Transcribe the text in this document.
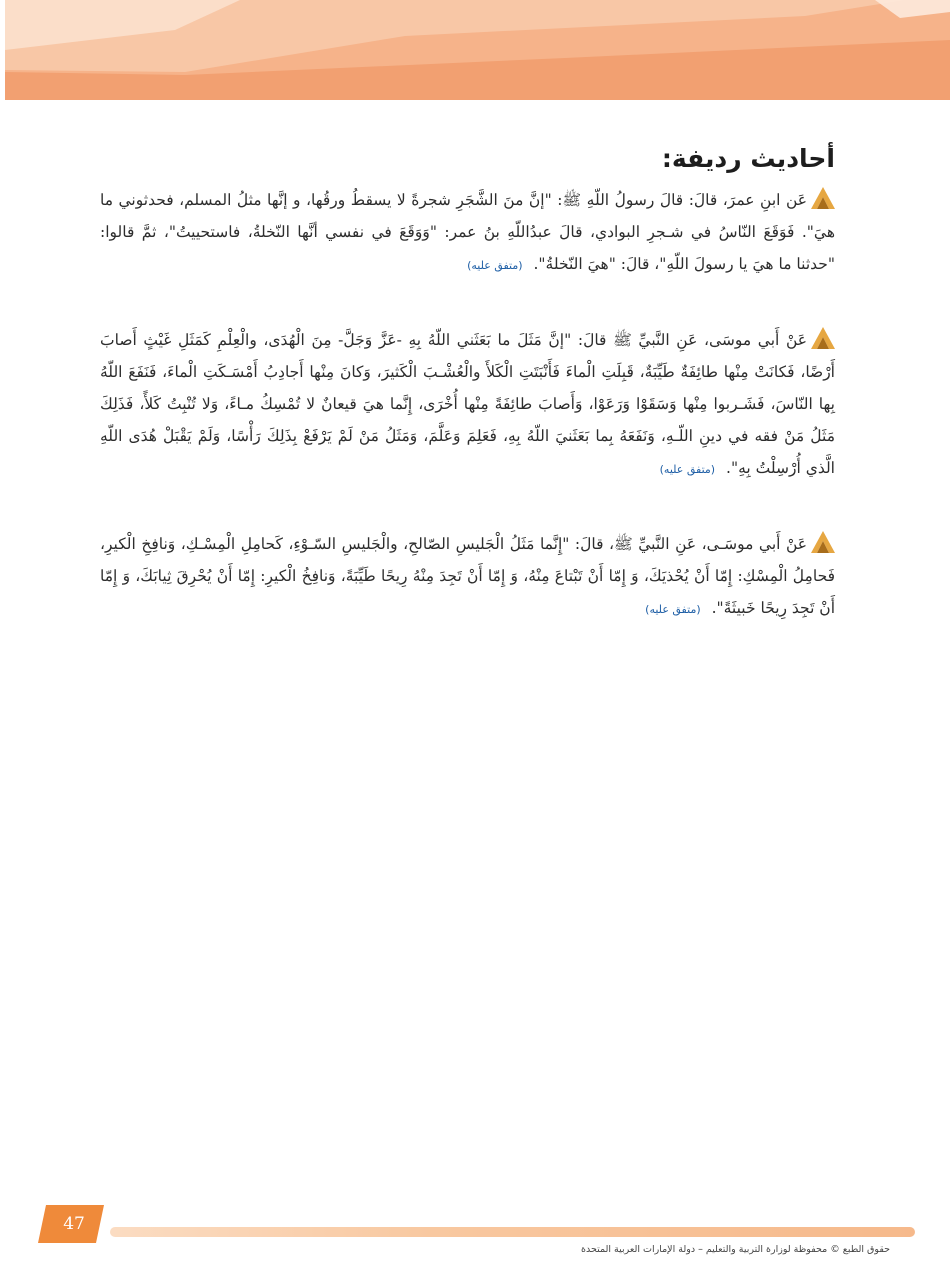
أحاديث رديفة:

عَن ابنِ عمرَ، قالَ: قالَ رسولُ اللّهِ ﷺ: "إنَّ منَ الشَّجَرِ شجرةً لا يسقطُ ورقُها، و إنَّها مثلُ المسلم، فحدثوني ما هيَ". فَوَقَعَ النّاسُ في شـجرِ البوادي، قالَ عبدُاللّهِ بنُ عمر: "وَوَقَعَ في نفسي أنَّها النّخلةُ، فاستحييتُ"، ثمَّ قالوا: "حدثنا ما هيَ يا رسولَ اللّهِ"، قالَ: "هيَ النّخلةُ". (متفق عليه)

عَنْ أَبي موسَى، عَنِ النَّبيِّ ﷺ قالَ: "إنَّ مَثَلَ ما بَعَثَني اللّهُ بِهِ -عَزَّ وَجَلَّ- مِنَ الْهُدَى، والْعِلْمِ كَمَثَلِ غَيْثٍ أَصابَ أَرْضًا، فَكانَتْ مِنْها طائِفَةٌ طَيِّبَةٌ، قَبِلَتِ الْماءَ فَأَنْبَتَتِ الْكَلأَ والْعُشْـبَ الْكَثيرَ، وَكانَ مِنْها أَجادِبُ أَمْسَـكَتِ الْماءَ، فَنَفَعَ اللّهُ بِها النّاسَ، فَشَـربوا مِنْها وَسَقَوْا وَرَعَوْا، وَأَصابَ طائِفَةً مِنْها أُخْرَى، إِنَّما هيَ قيعانٌ لا تُمْسِكُ مـاءً، وَلا تُنْبِتُ كَلأً، فَذَلِكَ مَثَلُ مَنْ فقه في دينِ اللّـهِ، وَنَفَعَهُ بِما بَعَثَنيَ اللّهُ بِهِ، فَعَلِمَ وَعَلَّمَ، وَمَثَلُ مَنْ لَمْ يَرْفَعْ بِذَلِكَ رَأْسًا، وَلَمْ يَقْبَلْ هُدَى اللّهِ الَّذي أُرْسِلْتُ بِهِ". (متفق عليه)

عَنْ أَبي موسَـى، عَنِ النَّبيِّ ﷺ، قالَ: "إِنَّما مَثَلُ الْجَليسِ الصّالحِ، والْجَليسِ السّـوْءِ، كَحامِلِ الْمِسْـكِ، وَنافِخِ الْكيرِ، فَحامِلُ الْمِسْكِ: إِمّا أَنْ يُحْذيَكَ، وَ إِمّا أَنْ تَبْتاعَ مِنْهُ، وَ إِمّا أَنْ تَجِدَ مِنْهُ رِيحًا طَيِّبَةً، وَنافِخُ الْكيرِ: إِمّا أَنْ يُحْرِقَ ثِيابَكَ، وَ إِمّا أَنْ تَجِدَ رِيحًا خَبيثَةً". (متفق عليه)

47
حقوق الطبع © محفوظة لوزارة التربية والتعليم – دولة الإمارات العربية المتحدة
